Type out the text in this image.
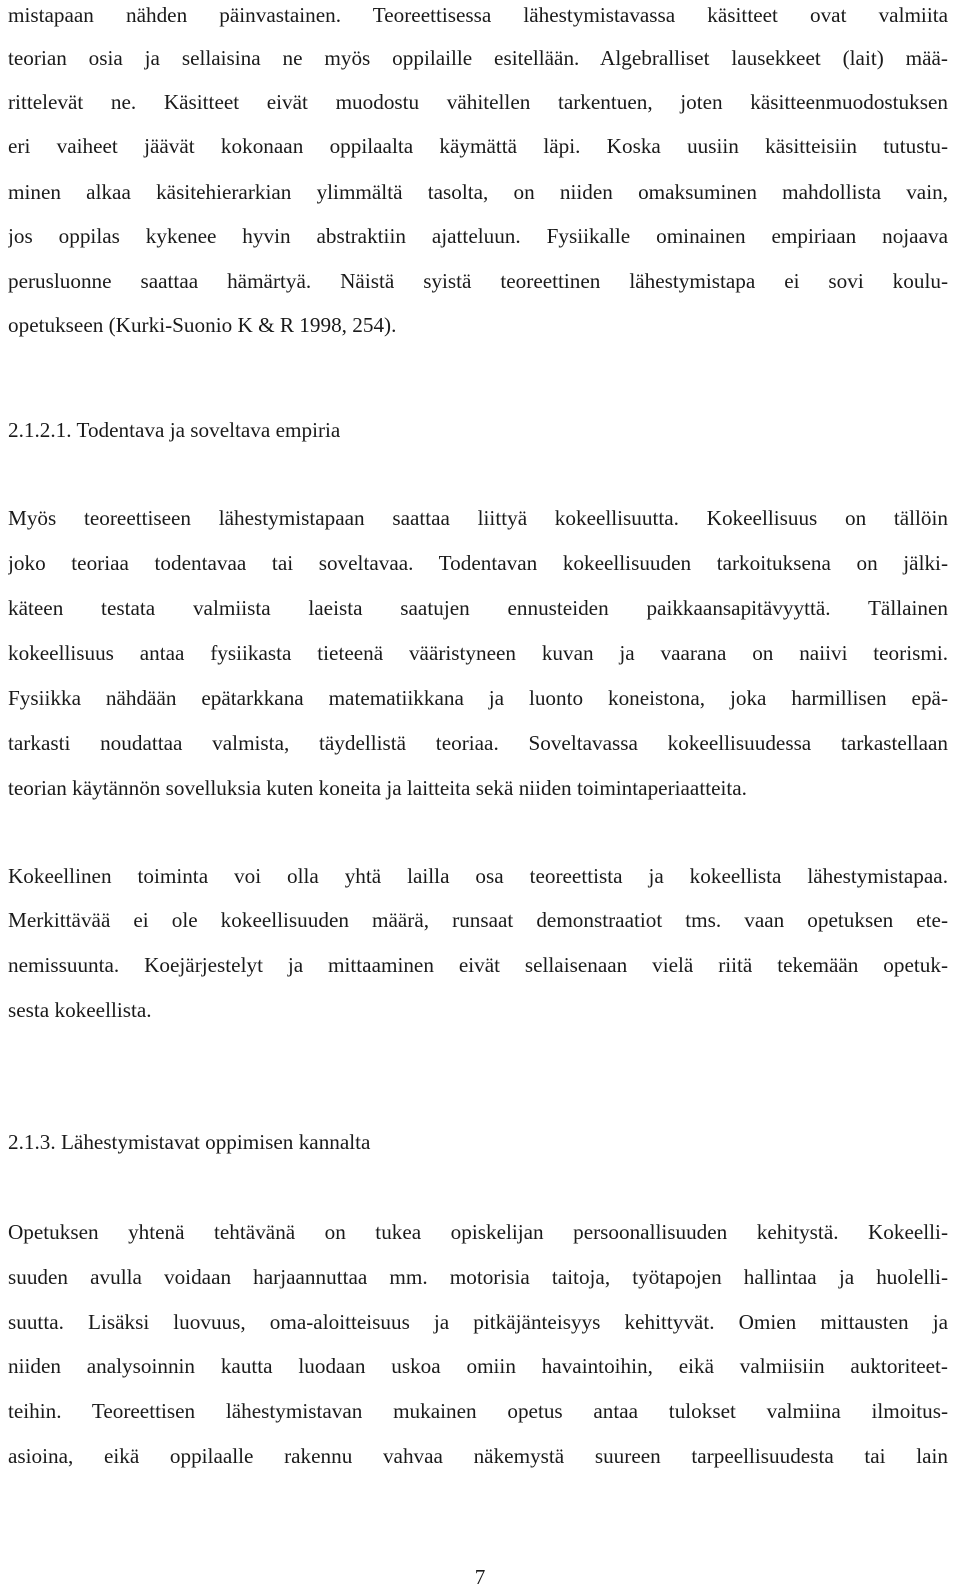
mistapaan nähden päinvastainen. Teoreettisessa lähestymistavassa käsitteet ovat valmiita
teorian osia ja sellaisina ne myös oppilaille esitellään. Algebralliset lausekkeet (lait) mää-
rittelevät ne. Käsitteet eivät muodostu vähitellen tarkentuen, joten käsitteenmuodostuksen
eri vaiheet jäävät kokonaan oppilaalta käymättä läpi. Koska uusiin käsitteisiin tutustu-
minen alkaa käsitehierarkian ylimmältä tasolta, on niiden omaksuminen mahdollista vain,
jos oppilas kykenee hyvin abstraktiin ajatteluun. Fysiikalle ominainen empiriaan nojaava
perusluonne saattaa hämärtyä. Näistä syistä teoreettinen lähestymistapa ei sovi koulu-
opetukseen (Kurki-Suonio K & R 1998, 254).
2.1.2.1. Todentava ja soveltava empiria
Myös teoreettiseen lähestymistapaan saattaa liittyä kokeellisuutta. Kokeellisuus on tällöin
joko teoriaa todentavaa tai soveltavaa. Todentavan kokeellisuuden tarkoituksena on jälki-
käteen testata valmiista laeista saatujen ennusteiden paikkaansapitävyyttä. Tällainen
kokeellisuus antaa fysiikasta tieteenä vääristyneen kuvan ja vaarana on naiivi teorismi.
Fysiikka nähdään epätarkkana matematiikkana ja luonto koneistona, joka harmillisen epä-
tarkasti noudattaa valmista, täydellistä teoriaa. Soveltavassa kokeellisuudessa tarkastellaan
teorian käytännön sovelluksia kuten koneita ja laitteita sekä niiden toimintaperiaatteita.
Kokeellinen toiminta voi olla yhtä lailla osa teoreettista ja kokeellista lähestymistapaa.
Merkittävää ei ole kokeellisuuden määrä, runsaat demonstraatiot tms. vaan opetuksen ete-
nemissuunta. Koejärjestelyt ja mittaaminen eivät sellaisenaan vielä riitä tekemään opetuk-
sesta kokeellista.
2.1.3. Lähestymistavat oppimisen kannalta
Opetuksen yhtenä tehtävänä on tukea opiskelijan persoonallisuuden kehitystä. Kokeelli-
suuden avulla voidaan harjaannuttaa mm. motorisia taitoja, työtapojen hallintaa ja huolelli-
suutta. Lisäksi luovuus, oma-aloitteisuus ja pitkäjänteisyys kehittyvät. Omien mittausten ja
niiden analysoinnin kautta luodaan uskoa omiin havaintoihin, eikä valmiisiin auktoriteet-
teihin. Teoreettisen lähestymistavan mukainen opetus antaa tulokset valmiina ilmoitus-
asioina, eikä oppilaalle rakennu vahvaa näkemystä suureen tarpeellisuudesta tai lain
7
